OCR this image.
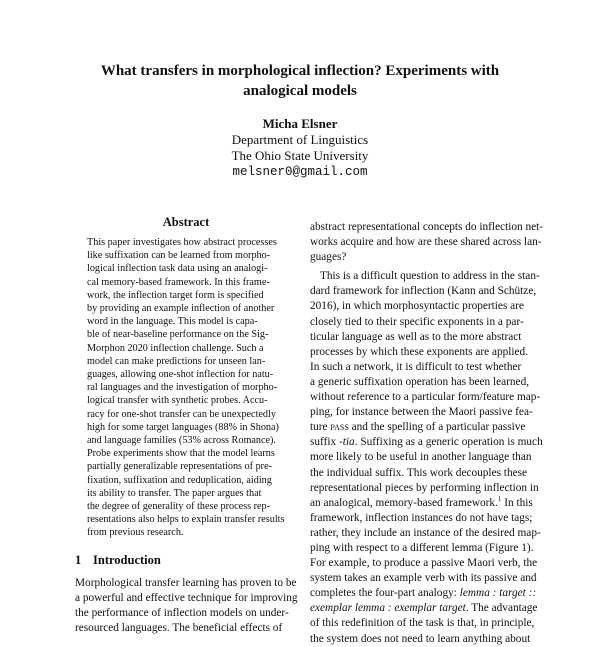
What transfers in morphological inflection? Experiments with analogical models
Micha Elsner
Department of Linguistics
The Ohio State University
melsner0@gmail.com
Abstract
This paper investigates how abstract processes
like suffixation can be learned from morpho-
logical inflection task data using an analogi-
cal memory-based framework. In this frame-
work, the inflection target form is specified
by providing an example inflection of another
word in the language. This model is capa-
ble of near-baseline performance on the Sig-
Morphon 2020 inflection challenge. Such a
model can make predictions for unseen lan-
guages, allowing one-shot inflection for natu-
ral languages and the investigation of morpho-
logical transfer with synthetic probes. Accu-
racy for one-shot transfer can be unexpectedly
high for some target languages (88% in Shona)
and language families (53% across Romance).
Probe experiments show that the model learns
partially generalizable representations of pre-
fixation, suffixation and reduplication, aiding
its ability to transfer. The paper argues that
the degree of generality of these process rep-
resentations also helps to explain transfer results
from previous research.
1 Introduction
Morphological transfer learning has proven to be
a powerful and effective technique for improving
the performance of inflection models on under-
resourced languages. The beneficial effects of
abstract representational concepts do inflection net-
works acquire and how are these shared across lan-
guages?
This is a difficult question to address in the stan-
dard framework for inflection (Kann and Schütze,
2016), in which morphosyntactic properties are
closely tied to their specific exponents in a par-
ticular language as well as to the more abstract
processes by which these exponents are applied.
In such a network, it is difficult to test whether
a generic suffixation operation has been learned,
without reference to a particular form/feature map-
ping, for instance between the Maori passive fea-
ture pass and the spelling of a particular passive
suffix -tia. Suffixing as a generic operation is much
more likely to be useful in another language than
the individual suffix. This work decouples these
representational pieces by performing inflection in
an analogical, memory-based framework.$^1$ In this
framework, inflection instances do not have tags;
rather, they include an instance of the desired map-
ping with respect to a different lemma (Figure 1).
For example, to produce a passive Maori verb, the
system takes an example verb with its passive and
completes the four-part analogy: lemma : target ::
exemplar lemma : exemplar target. The advantage
of this redefinition of the task is that, in principle,
the system does not need to learn anything about
